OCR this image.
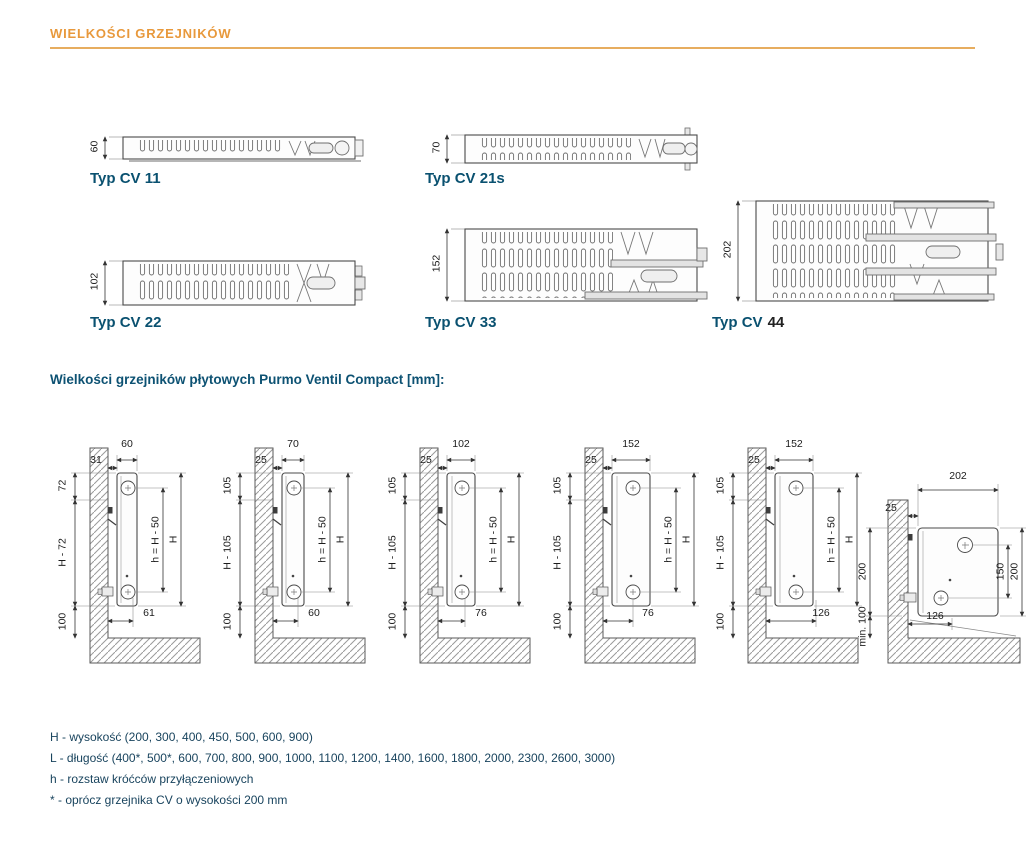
WIELKOŚCI GRZEJNIKÓW
60
Typ CV 11
70
Typ CV 21s
102
Typ CV 22
152
Typ CV 33
202
Typ CV 44
Wielkości grzejników płytowych Purmo Ventil Compact [mm]:
31
60
72
H - 72
100
h = H - 50 H
61
25
70
105
H - 105
100
h = H - 50 H
60
25
102
105
H - 105
100
h = H - 50 H
76
25
152
105
H - 105
100
h = H - 50 H
76
25
152
105
H - 105
100
h = H - 50 H
126
202
25
150 200
200
min. 100	126
H - wysokość (200, 300, 400, 450, 500, 600, 900)
L - długość (400*, 500*, 600, 700, 800, 900, 1000, 1100, 1200, 1400, 1600, 1800, 2000, 2300, 2600, 3000)
h - rozstaw króćców przyłączeniowych
* - oprócz grzejnika CV o wysokości 200 mm
